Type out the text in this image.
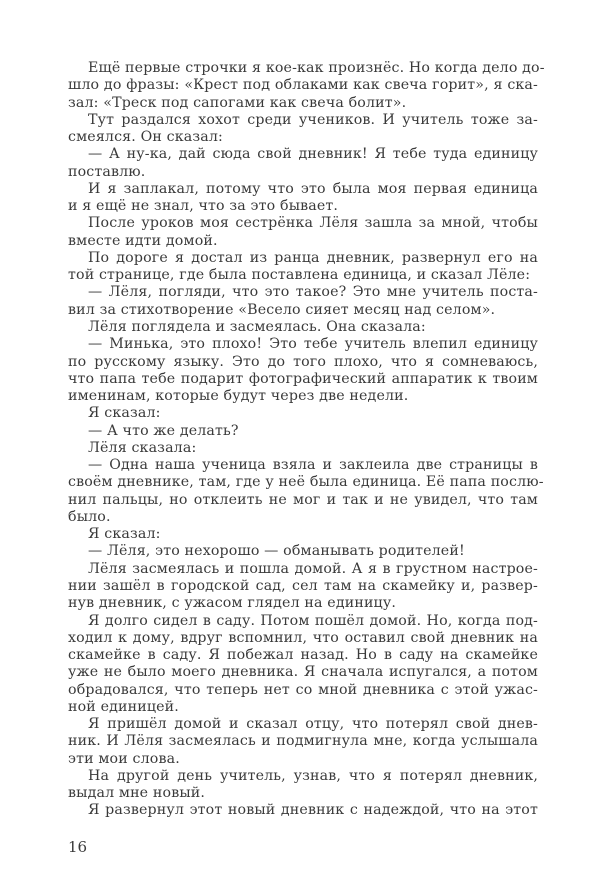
Ещё первые строчки я кое-как произнёс. Но когда дело до-
шло до фразы: «Крест под облаками как свеча горит», я ска-
зал: «Треск под сапогами как свеча болит».
Тут раздался хохот среди учеников. И учитель тоже за-
смеялся. Он сказал:
— А ну-ка, дай сюда свой дневник! Я тебе туда единицу
поставлю.
И я заплакал, потому что это была моя первая единица
и я ещё не знал, что за это бывает.
После уроков моя сестрёнка Лёля зашла за мной, чтобы
вместе идти домой.
По дороге я достал из ранца дневник, развернул его на
той странице, где была поставлена единица, и сказал Лёле:
— Лёля, погляди, что это такое? Это мне учитель поста-
вил за стихотворение «Весело сияет месяц над селом».
Лёля поглядела и засмеялась. Она сказала:
— Минька, это плохо! Это тебе учитель влепил единицу
по русскому языку. Это до того плохо, что я сомневаюсь,
что папа тебе подарит фотографический аппаратик к твоим
именинам, которые будут через две недели.
Я сказал:
— А что же делать?
Лёля сказала:
— Одна наша ученица взяла и заклеила две страницы в
своём дневнике, там, где у неё была единица. Её папа послю-
нил пальцы, но отклеить не мог и так и не увидел, что там
было.
Я сказал:
— Лёля, это нехорошо — обманывать родителей!
Лёля засмеялась и пошла домой. А я в грустном настрое-
нии зашёл в городской сад, сел там на скамейку и, развер-
нув дневник, с ужасом глядел на единицу.
Я долго сидел в саду. Потом пошёл домой. Но, когда под-
ходил к дому, вдруг вспомнил, что оставил свой дневник на
скамейке в саду. Я побежал назад. Но в саду на скамейке
уже не было моего дневника. Я сначала испугался, а потом
обрадовался, что теперь нет со мной дневника с этой ужас-
ной единицей.
Я пришёл домой и сказал отцу, что потерял свой днев-
ник. И Лёля засмеялась и подмигнула мне, когда услышала
эти мои слова.
На другой день учитель, узнав, что я потерял дневник,
выдал мне новый.
Я развернул этот новый дневник с надеждой, что на этот
16
